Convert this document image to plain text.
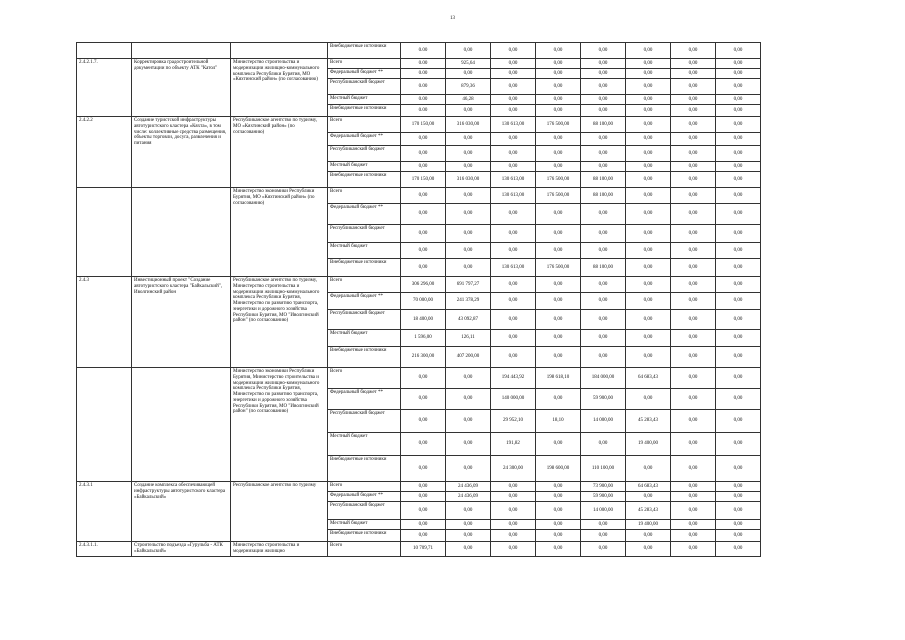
13
			Внебюджетные источники	0.00	0,00	0,00	0,00	0,00	0,00	0,00	0,00
2.4.2.1.7.	Корректировка градостроительной документации по объекту АТК "Катол"	Министерство строительства и модернизации жилищно-коммунального комплекса Республики Бурятия, МО «Кяхтинский район» (по согласованию)	Всего	0.00	925,64	0,00	0,00	0,00	0,00	0,00	0,00
			Федеральный бюджет **	0.00	0,00	0,00	0,00	0,00	0,00	0,00	0,00
			Республиканский бюджет	0.00	879,36	0,00	0,00	0,00	0,00	0,00	0,00
			Местный бюджет	0.00	46,28	0,00	0,00	0,00	0,00	0,00	0,00
			Внебюджетные источники	0.00	0,00	0,00	0,00	0,00	0,00	0,00	0,00
2.4.2.2	Создание туристской инфраструктуры автотуристского кластера «Кяхта», в том числе: коллективные средства размещения, объекты торговли, досуга, развлечения и питания	Республиканское агентство по туризму, МО «Кяхтинский район» (по согласованию)	Всего	170 150,00	316 030,00	130 613,00	176 500,00	88 100,00	0,00	0,00	0,00
			Федеральный бюджет **	0,00	0,00	0,00	0,00	0,00	0,00	0,00	0,00
			Республиканский бюджет	0,00	0,00	0,00	0,00	0,00	0,00	0,00	0,00
			Местный бюджет	0,00	0,00	0,00	0,00	0,00	0,00	0,00	0,00
			Внебюджетные источники	170 150,00	316 030,00	130 613,00	176 500,00	88 100,00	0,00	0,00	0,00
		Министерство экономики Республики Бурятия, МО «Кяхтинский район» (по согласованию)	Всего	0,00	0,00	130 613,00	176 500,00	88 100,00	0,00	0,00	0,00
			Федеральный бюджет **	0,00	0,00	0,00	0,00	0,00	0,00	0,00	0,00
			Республиканский бюджет	0,00	0,00	0,00	0,00	0,00	0,00	0,00	0,00
			Местный бюджет	0,00	0,00	0,00	0,00	0,00	0,00	0,00	0,00
			Внебюджетные источники	0,00	0,00	130 613,00	176 500,00	88 100,00	0,00	0,00	0,00
2.4.3	Инвестиционный проект "Создание автотуристского кластера "Байкальский", Иволгинский район	Республиканское агентство по туризму, Министерство строительства и модернизации жилищно-коммунального комплекса Республики Бурятия, Министерство по развитию транспорта, энергетики и дорожного хозяйства Республики Бурятия, МО "Иволгинский район" (по согласованию)	Всего	306 296,00	691 797,27	0,00	0,00	0,00	0,00	0,00	0,00
			Федеральный бюджет **	70 000,00	241 378,29	0,00	0,00	0,00	0,00	0,00	0,00
			Республиканский бюджет	18 400,00	43 092,87	0,00	0,00	0,00	0,00	0,00	0,00
			Местный бюджет	1 596,00	126,11	0,00	0,00	0,00	0,00	0,00	0,00
			Внебюджетные источники	216 300,00	407 200,00	0,00	0,00	0,00	0,00	0,00	0,00
		Министерство экономики Республики Бурятия, Министерство строительства и модернизации жилищно-коммунального комплекса Республики Бурятия, Министерство по развитию транспорта, энергетики и дорожного хозяйства Республики Бурятия, МО "Иволгинский район" (по согласованию)	Всего	0,00	0,00	194 443,92	198 618,10	184 000,00	64 683,43	0,00	0,00
			Федеральный бюджет **	0,00	0,00	140 000,00	0,00	59 900,00	0,00	0,00	0,00
			Республиканский бюджет	0,00	0,00	29 952,10	18,10	14 000,00	45 283,43	0,00	0,00
			Местный бюджет	0,00	0,00	191,82	0,00	0,00	19 400,00	0,00	0,00
			Внебюджетные источники	0,00	0,00	24 300,00	198 600,00	110 100,00	0,00	0,00	0,00
2.4.3.1	Создание комплекса обеспечивающей инфраструктуры автотуристского кластера «Байкальский»	Республиканское агентство по туризму	Всего	0,00	24 436,09	0,00	0,00	73 900,00	64 683,43	0,00	0,00
			Федеральный бюджет **	0,00	24 436,09	0,00	0,00	59 900,00	0,00	0,00	0,00
			Республиканский бюджет	0,00	0,00	0,00	0,00	14 000,00	45 283,43	0,00	0,00
			Местный бюджет	0,00	0,00	0,00	0,00	0,00	19 400,00	0,00	0,00
			Внебюджетные источники	0,00	0,00	0,00	0,00	0,00	0,00	0,00	0,00
2.4.3.1.1.	Строительство подъезда «Гурульба - АТК «Байкальский»	Министерство строительства и модернизации жилищно	Всего	10 709,71	0,00	0,00	0,00	0,00	0,00	0,00	0,00
